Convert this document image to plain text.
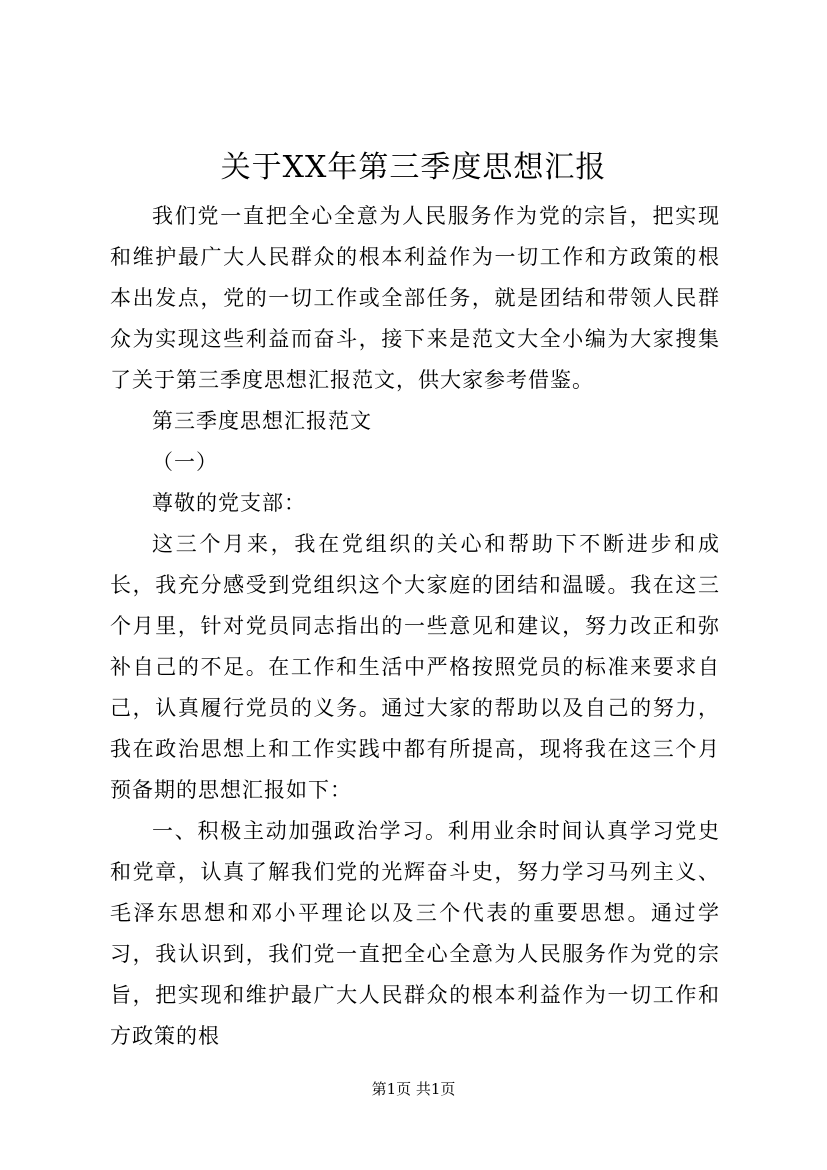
关于XX年第三季度思想汇报

我们党一直把全心全意为人民服务作为党的宗旨，把实现和维护最广大人民群众的根本利益作为一切工作和方政策的根本出发点，党的一切工作或全部任务，就是团结和带领人民群众为实现这些利益而奋斗，接下来是范文大全小编为大家搜集了关于第三季度思想汇报范文，供大家参考借鉴。

第三季度思想汇报范文

（一）

尊敬的党支部：

这三个月来，我在党组织的关心和帮助下不断进步和成长，我充分感受到党组织这个大家庭的团结和温暖。我在这三个月里，针对党员同志指出的一些意见和建议，努力改正和弥补自己的不足。在工作和生活中严格按照党员的标准来要求自己，认真履行党员的义务。通过大家的帮助以及自己的努力，我在政治思想上和工作实践中都有所提高，现将我在这三个月预备期的思想汇报如下：

一、积极主动加强政治学习。利用业余时间认真学习党史和党章，认真了解我们党的光辉奋斗史，努力学习马列主义、毛泽东思想和邓小平理论以及三个代表的重要思想。通过学习，我认识到，我们党一直把全心全意为人民服务作为党的宗旨，把实现和维护最广大人民群众的根本利益作为一切工作和方政策的根

第1页 共1页
